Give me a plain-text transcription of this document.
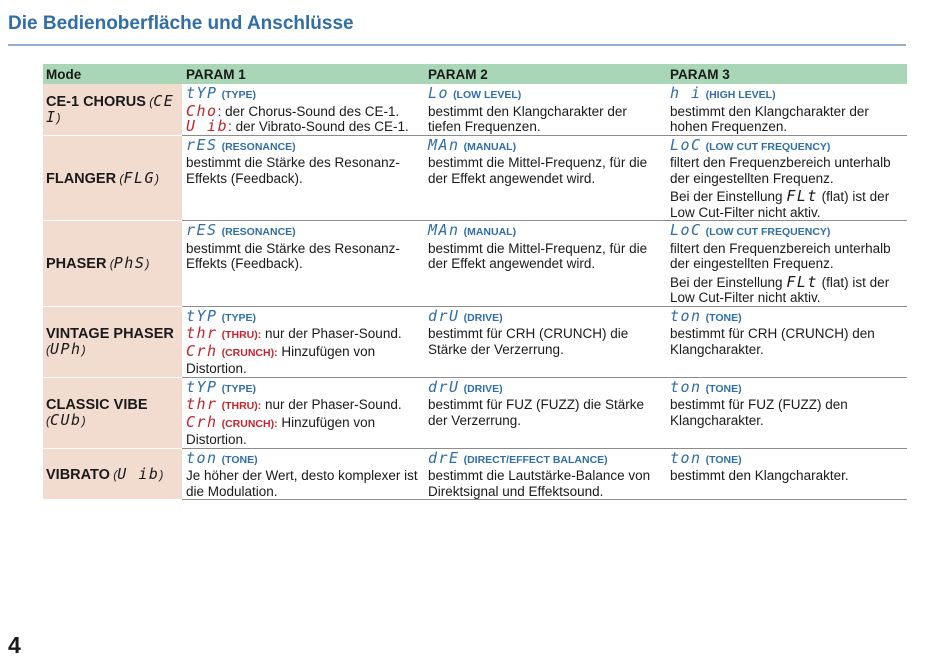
Die Bedienoberfläche und Anschlüsse
Mode	PARAM 1	PARAM 2	PARAM 3
CE-1 CHORUS (CE I)	tYP (TYPE)
Cho: der Chorus-Sound des CE-1.
U ib: der Vibrato-Sound des CE-1.	Lo (LOW LEVEL)
bestimmt den Klangcharakter der tiefen Frequenzen.	h i (HIGH LEVEL)
bestimmt den Klangcharakter der hohen Frequenzen.

FLANGER (FLG)	rES (RESONANCE)
bestimmt die Stärke des Resonanz-Effekts (Feedback).	MAn (MANUAL)
bestimmt die Mittel-Frequenz, für die der Effekt angewendet wird.	LoC (LOW CUT FREQUENCY)
filtert den Frequenzbereich unterhalb der eingestellten Frequenz.
Bei der Einstellung FLt (flat) ist der Low Cut-Filter nicht aktiv.

PHASER (PhS)	rES (RESONANCE)
bestimmt die Stärke des Resonanz-Effekts (Feedback).	MAn (MANUAL)
bestimmt die Mittel-Frequenz, für die der Effekt angewendet wird.	LoC (LOW CUT FREQUENCY)
filtert den Frequenzbereich unterhalb der eingestellten Frequenz.
Bei der Einstellung FLt (flat) ist der Low Cut-Filter nicht aktiv.

VINTAGE PHASER (UPh)	tYP (TYPE)
thr (THRU): nur der Phaser-Sound.
Crh (CRUNCH): Hinzufügen von Distortion.	drU (DRIVE)
bestimmt für CRH (CRUNCH) die Stärke der Verzerrung.	ton (TONE)
bestimmt für CRH (CRUNCH) den Klangcharakter.

CLASSIC VIBE (CUb)	tYP (TYPE)
thr (THRU): nur der Phaser-Sound.
Crh (CRUNCH): Hinzufügen von Distortion.	drU (DRIVE)
bestimmt für FUZ (FUZZ) die Stärke der Verzerrung.	ton (TONE)
bestimmt für FUZ (FUZZ) den Klangcharakter.

VIBRATO (U ib)	ton (TONE)
Je höher der Wert, desto komplexer ist die Modulation.	drE (DIRECT/EFFECT BALANCE)
bestimmt die Lautstärke-Balance von Direktsignal und Effektsound.	ton (TONE)
bestimmt den Klangcharakter.
4
